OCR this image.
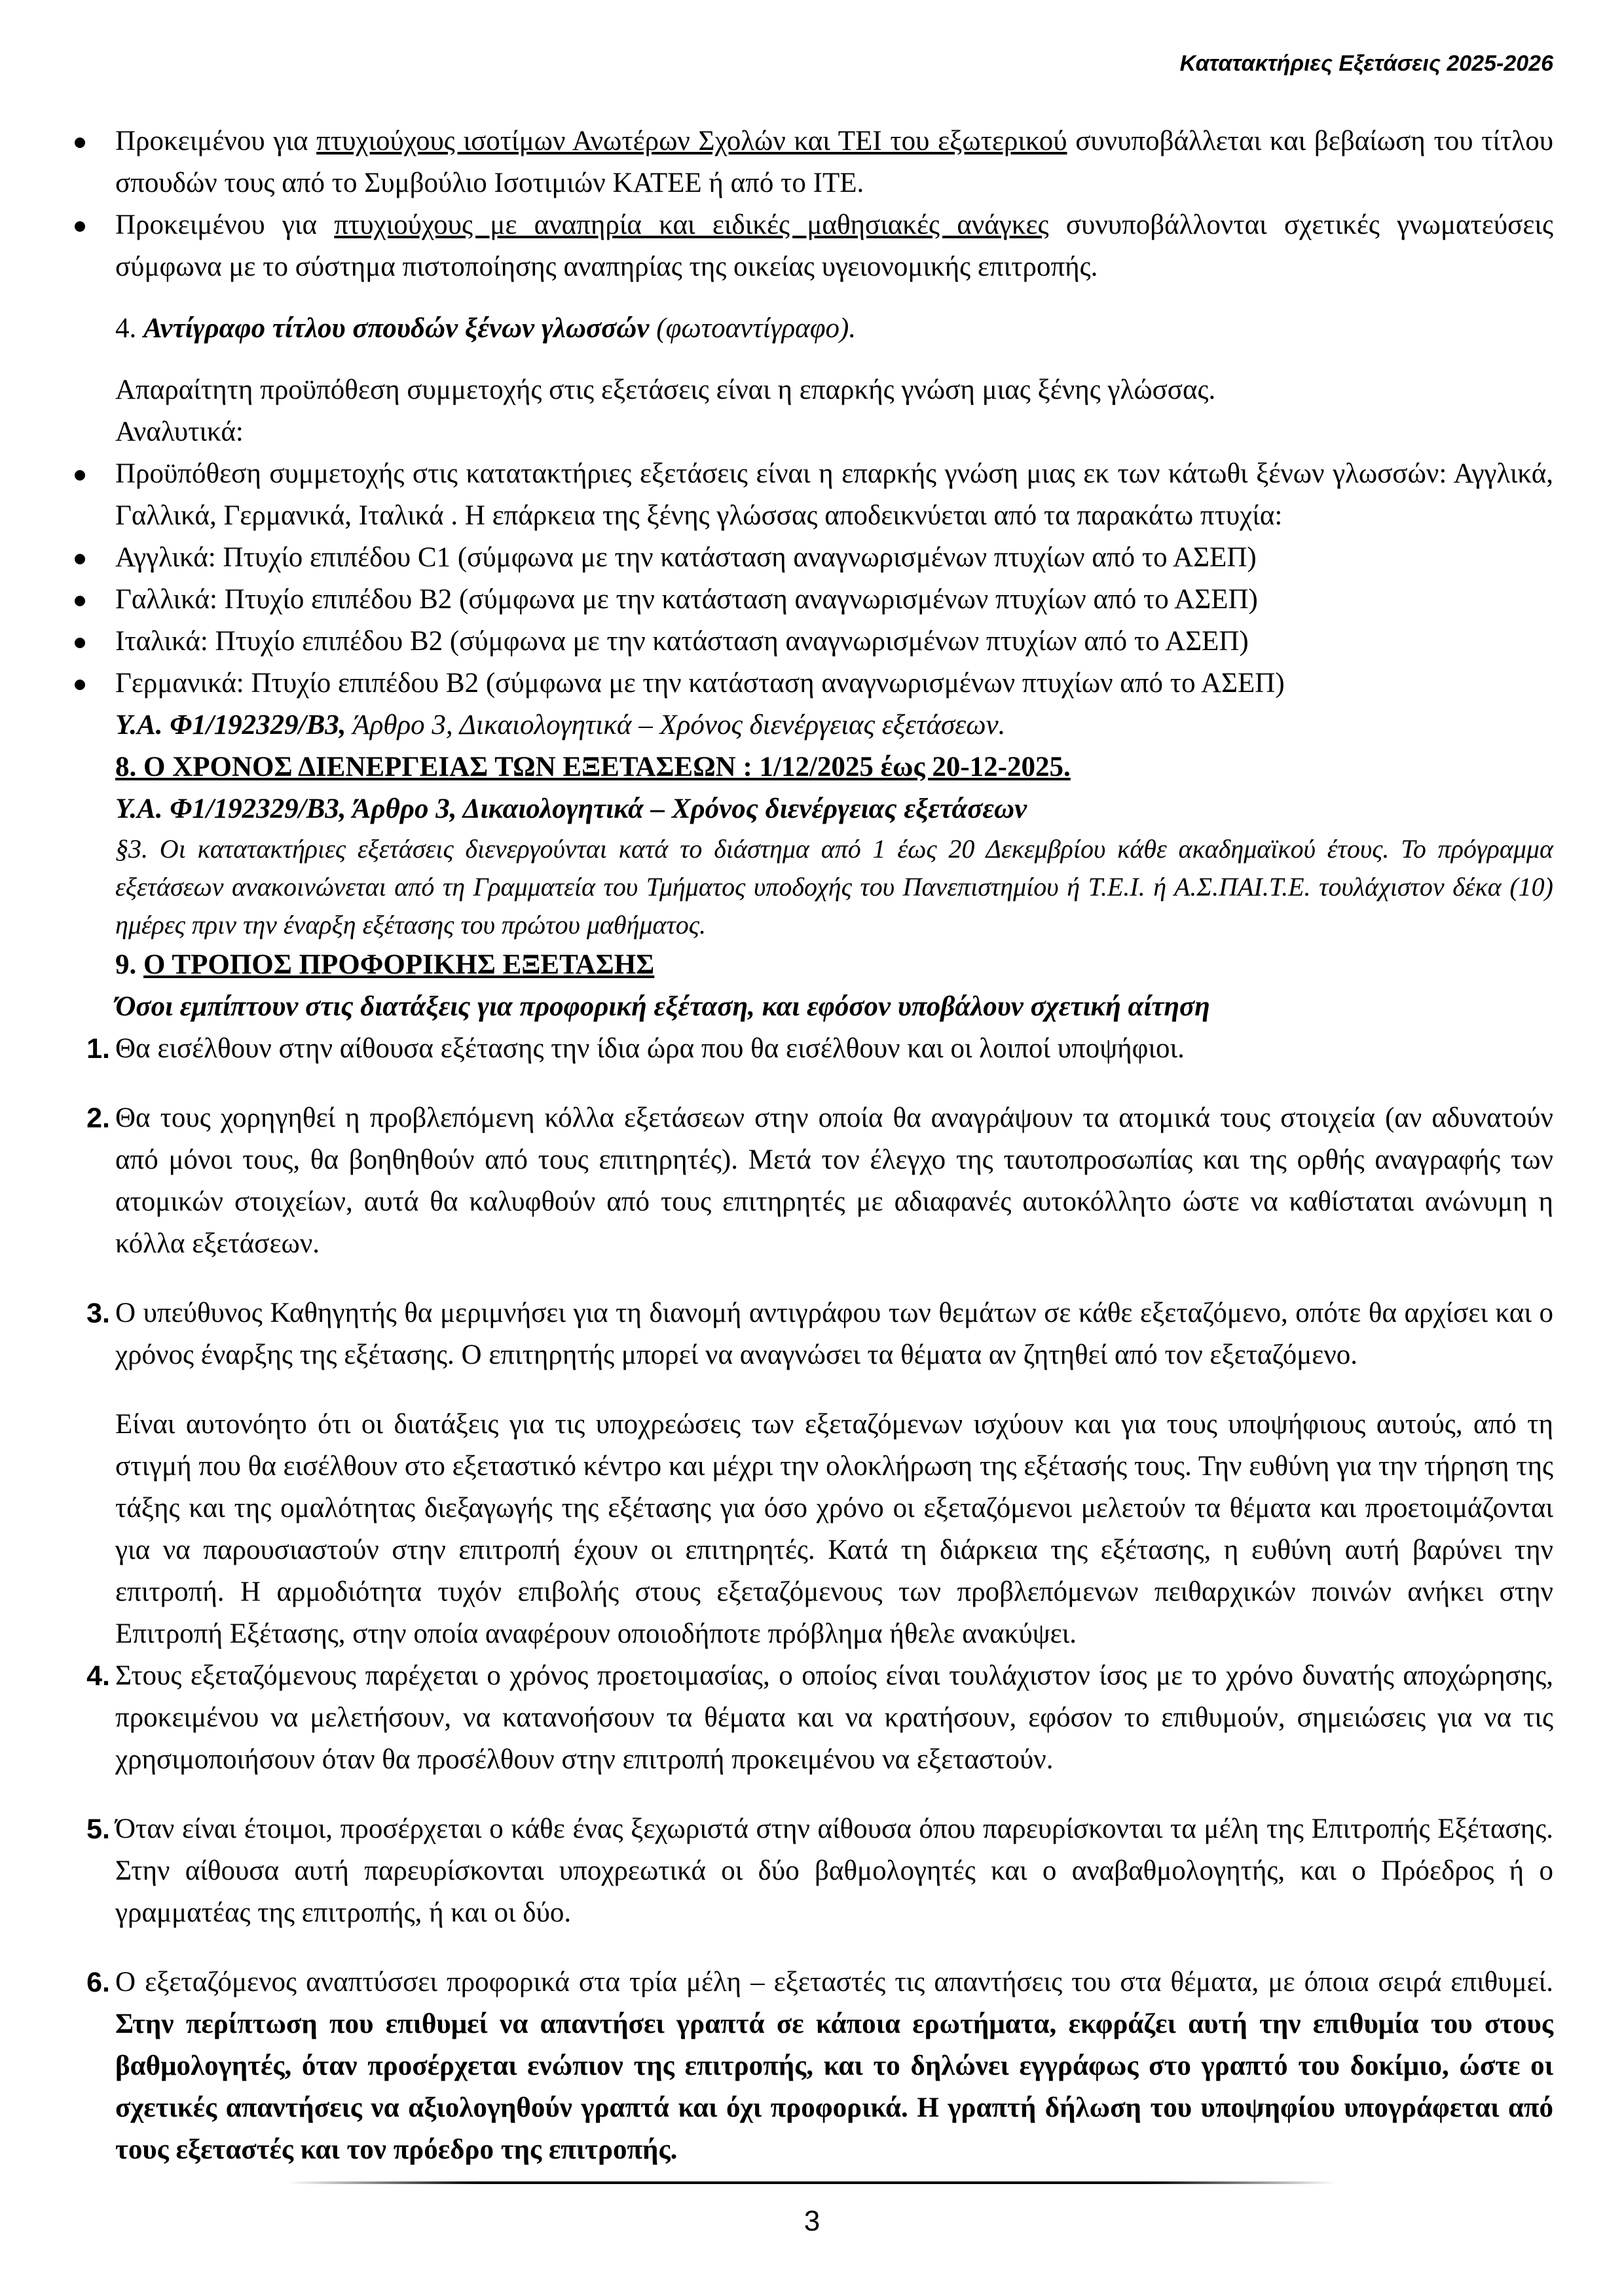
Κατατακτήριες Εξετάσεις 2025-2026
Προκειμένου για πτυχιούχους ισοτίμων Ανωτέρων Σχολών και ΤΕΙ του εξωτερικού συνυποβάλλεται και βεβαίωση του τίτλου σπουδών τους από το Συμβούλιο Ισοτιμιών ΚΑΤΕΕ ή από το ΙΤΕ.
Προκειμένου για πτυχιούχους με αναπηρία και ειδικές μαθησιακές ανάγκες συνυποβάλλονται σχετικές γνωματεύσεις σύμφωνα με το σύστημα πιστοποίησης αναπηρίας της οικείας υγειονομικής επιτροπής.
4. Αντίγραφο τίτλου σπουδών ξένων γλωσσών (φωτοαντίγραφο).
Απαραίτητη προϋπόθεση συμμετοχής στις εξετάσεις είναι η επαρκής γνώση μιας ξένης γλώσσας.
Αναλυτικά:
Προϋπόθεση συμμετοχής στις κατατακτήριες εξετάσεις είναι η επαρκής γνώση μιας εκ των κάτωθι ξένων γλωσσών: Αγγλικά, Γαλλικά, Γερμανικά, Ιταλικά . Η επάρκεια της ξένης γλώσσας αποδεικνύεται από τα παρακάτω πτυχία:
Αγγλικά: Πτυχίο επιπέδου C1 (σύμφωνα με την κατάσταση αναγνωρισμένων πτυχίων από το ΑΣΕΠ)
Γαλλικά: Πτυχίο επιπέδου B2 (σύμφωνα με την κατάσταση αναγνωρισμένων πτυχίων από το ΑΣΕΠ)
Ιταλικά: Πτυχίο επιπέδου B2 (σύμφωνα με την κατάσταση αναγνωρισμένων πτυχίων από το ΑΣΕΠ)
Γερμανικά: Πτυχίο επιπέδου B2 (σύμφωνα με την κατάσταση αναγνωρισμένων πτυχίων από το ΑΣΕΠ)
Υ.Α. Φ1/192329/Β3, Άρθρο 3, Δικαιολογητικά – Χρόνος διενέργειας εξετάσεων.
8. Ο ΧΡΟΝΟΣ ΔΙΕΝΕΡΓΕΙΑΣ ΤΩΝ ΕΞΕΤΑΣΕΩΝ : 1/12/2025 έως 20-12-2025.
Υ.Α. Φ1/192329/Β3, Άρθρο 3, Δικαιολογητικά – Χρόνος διενέργειας εξετάσεων
§3. Οι κατατακτήριες εξετάσεις διενεργούνται κατά το διάστημα από 1 έως 20 Δεκεμβρίου κάθε ακαδημαϊκού έτους. Το πρόγραμμα εξετάσεων ανακοινώνεται από τη Γραμματεία του Τμήματος υποδοχής του Πανεπιστημίου ή Τ.Ε.Ι. ή Α.Σ.ΠΑΙ.Τ.Ε. τουλάχιστον δέκα (10) ημέρες πριν την έναρξη εξέτασης του πρώτου μαθήματος.
9. Ο ΤΡΟΠΟΣ ΠΡΟΦΟΡΙΚΗΣ ΕΞΕΤΑΣΗΣ
Όσοι εμπίπτουν στις διατάξεις για προφορική εξέταση, και εφόσον υποβάλουν σχετική αίτηση
1. Θα εισέλθουν στην αίθουσα εξέτασης την ίδια ώρα που θα εισέλθουν και οι λοιποί υποψήφιοι.
2. Θα τους χορηγηθεί η προβλεπόμενη κόλλα εξετάσεων στην οποία θα αναγράψουν τα ατομικά τους στοιχεία (αν αδυνατούν από μόνοι τους, θα βοηθηθούν από τους επιτηρητές). Μετά τον έλεγχο της ταυτοπροσωπίας και της ορθής αναγραφής των ατομικών στοιχείων, αυτά θα καλυφθούν από τους επιτηρητές με αδιαφανές αυτοκόλλητο ώστε να καθίσταται ανώνυμη η κόλλα εξετάσεων.
3. Ο υπεύθυνος Καθηγητής θα μεριμνήσει για τη διανομή αντιγράφου των θεμάτων σε κάθε εξεταζόμενο, οπότε θα αρχίσει και ο χρόνος έναρξης της εξέτασης. Ο επιτηρητής μπορεί να αναγνώσει τα θέματα αν ζητηθεί από τον εξεταζόμενο.
Είναι αυτονόητο ότι οι διατάξεις για τις υποχρεώσεις των εξεταζόμενων ισχύουν και για τους υποψήφιους αυτούς, από τη στιγμή που θα εισέλθουν στο εξεταστικό κέντρο και μέχρι την ολοκλήρωση της εξέτασής τους. Την ευθύνη για την τήρηση της τάξης και της ομαλότητας διεξαγωγής της εξέτασης για όσο χρόνο οι εξεταζόμενοι μελετούν τα θέματα και προετοιμάζονται για να παρουσιαστούν στην επιτροπή έχουν οι επιτηρητές. Κατά τη διάρκεια της εξέτασης, η ευθύνη αυτή βαρύνει την επιτροπή. Η αρμοδιότητα τυχόν επιβολής στους εξεταζόμενους των προβλεπόμενων πειθαρχικών ποινών ανήκει στην Επιτροπή Εξέτασης, στην οποία αναφέρουν οποιοδήποτε πρόβλημα ήθελε ανακύψει.
4. Στους εξεταζόμενους παρέχεται ο χρόνος προετοιμασίας, ο οποίος είναι τουλάχιστον ίσος με το χρόνο δυνατής αποχώρησης, προκειμένου να μελετήσουν, να κατανοήσουν τα θέματα και να κρατήσουν, εφόσον το επιθυμούν, σημειώσεις για να τις χρησιμοποιήσουν όταν θα προσέλθουν στην επιτροπή προκειμένου να εξεταστούν.
5. Όταν είναι έτοιμοι, προσέρχεται ο κάθε ένας ξεχωριστά στην αίθουσα όπου παρευρίσκονται τα μέλη της Επιτροπής Εξέτασης. Στην αίθουσα αυτή παρευρίσκονται υποχρεωτικά οι δύο βαθμολογητές και ο αναβαθμολογητής, και ο Πρόεδρος ή ο γραμματέας της επιτροπής, ή και οι δύο.
6. Ο εξεταζόμενος αναπτύσσει προφορικά στα τρία μέλη – εξεταστές τις απαντήσεις του στα θέματα, με όποια σειρά επιθυμεί. Στην περίπτωση που επιθυμεί να απαντήσει γραπτά σε κάποια ερωτήματα, εκφράζει αυτή την επιθυμία του στους βαθμολογητές, όταν προσέρχεται ενώπιον της επιτροπής, και το δηλώνει εγγράφως στο γραπτό του δοκίμιο, ώστε οι σχετικές απαντήσεις να αξιολογηθούν γραπτά και όχι προφορικά. Η γραπτή δήλωση του υποψηφίου υπογράφεται από τους εξεταστές και τον πρόεδρο της επιτροπής.
3
